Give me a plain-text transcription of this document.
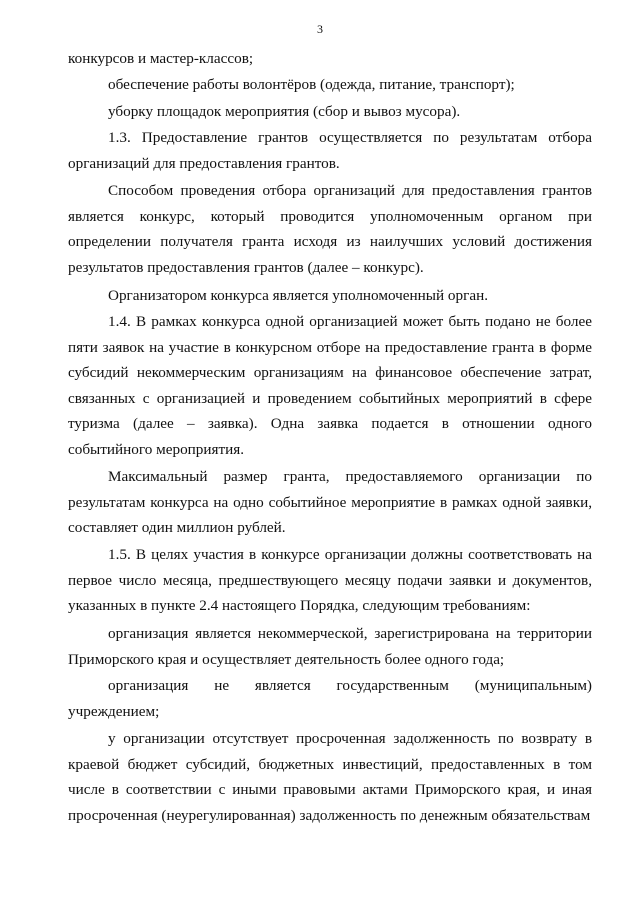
3

конкурсов и мастер-классов;

обеспечение работы волонтёров (одежда, питание, транспорт);

уборку площадок мероприятия (сбор и вывоз мусора).

1.3. Предоставление грантов осуществляется по результатам отбора организаций для предоставления грантов.

Способом проведения отбора организаций для предоставления грантов является конкурс, который проводится уполномоченным органом при определении получателя гранта исходя из наилучших условий достижения результатов предоставления грантов (далее – конкурс).

Организатором конкурса является уполномоченный орган.

1.4. В рамках конкурса одной организацией может быть подано не более пяти заявок на участие в конкурсном отборе на предоставление гранта в форме субсидий некоммерческим организациям на финансовое обеспечение затрат, связанных с организацией и проведением событийных мероприятий в сфере туризма (далее – заявка). Одна заявка подается в отношении одного событийного мероприятия.

Максимальный размер гранта, предоставляемого организации по результатам конкурса на одно событийное мероприятие в рамках одной заявки, составляет один миллион рублей.

1.5. В целях участия в конкурсе организации должны соответствовать на первое число месяца, предшествующего месяцу подачи заявки и документов, указанных в пункте 2.4 настоящего Порядка, следующим требованиям:

организация является некоммерческой, зарегистрирована на территории Приморского края и осуществляет деятельность более одного года;

организация не является государственным (муниципальным) учреждением;

у организации отсутствует просроченная задолженность по возврату в краевой бюджет субсидий, бюджетных инвестиций, предоставленных в том числе в соответствии с иными правовыми актами Приморского края, и иная просроченная (неурегулированная) задолженность по денежным обязательствам
